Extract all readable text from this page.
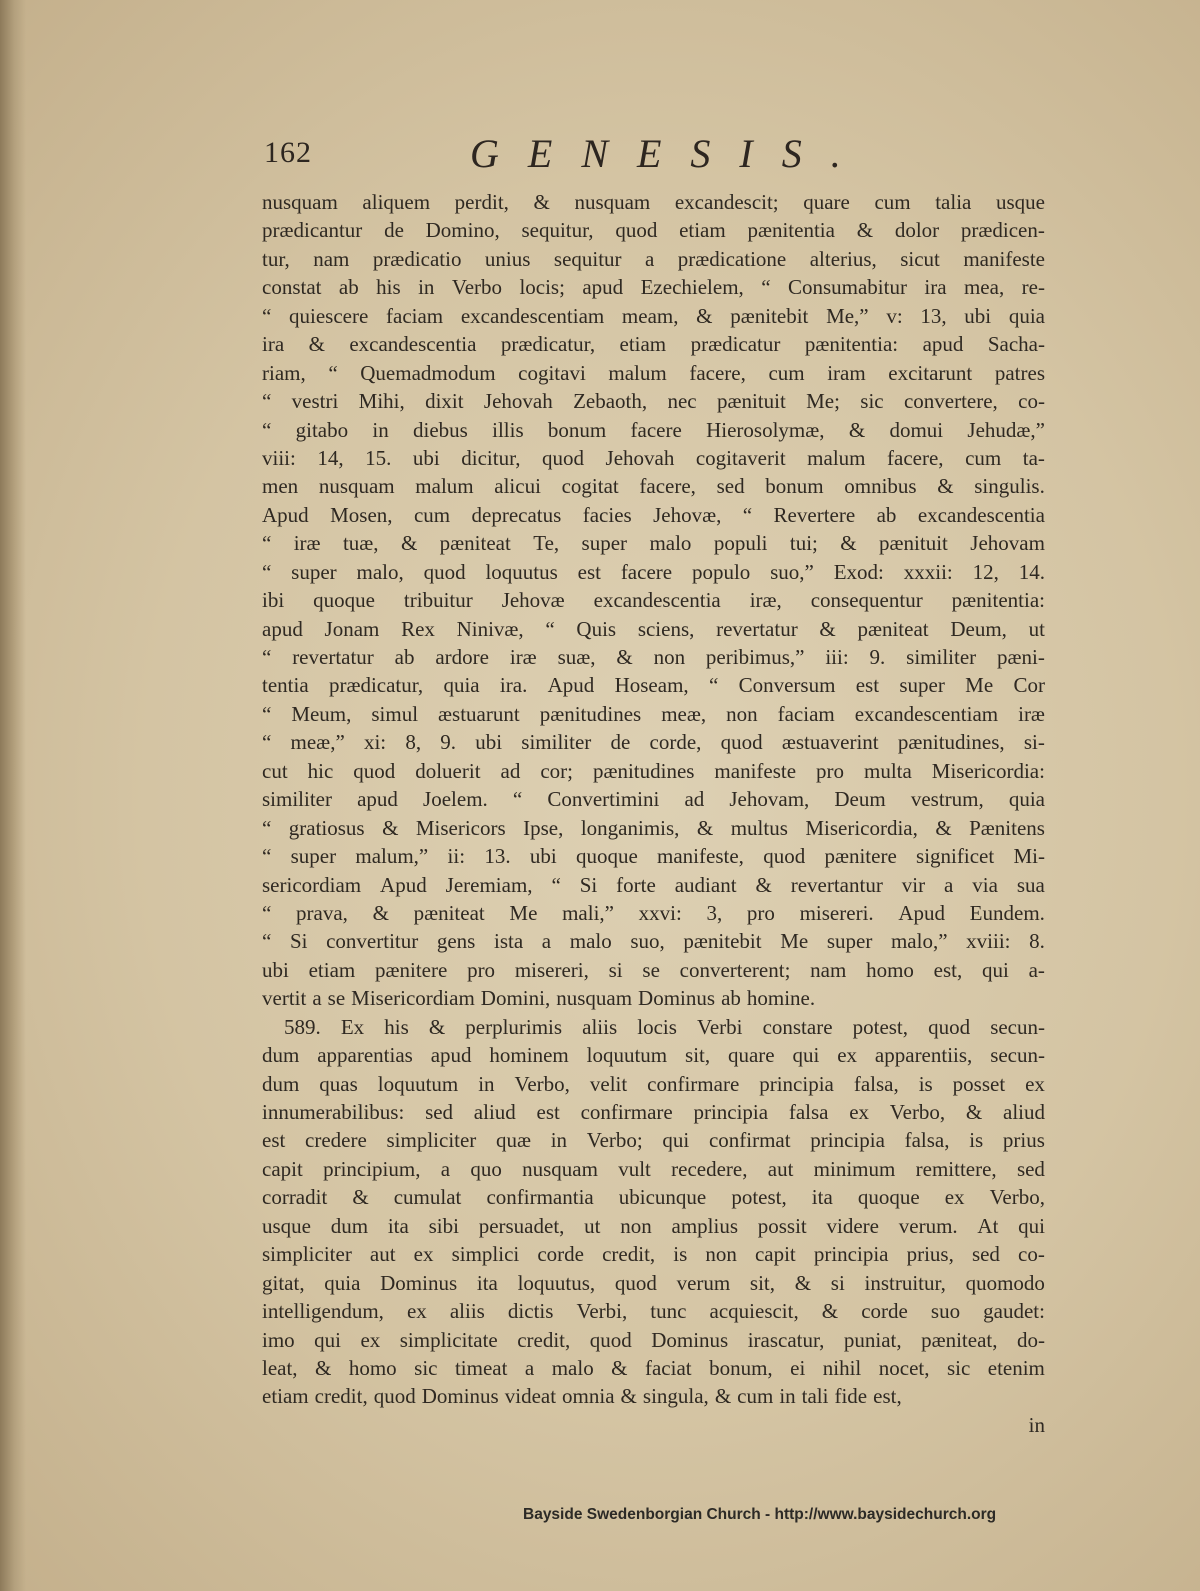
162	GENESIS.
nusquam aliquem perdit, & nusquam excandescit; quare cum talia usque
prædicantur de Domino, sequitur, quod etiam pænitentia & dolor prædicen-
tur, nam prædicatio unius sequitur a prædicatione alterius, sicut manifeste
constat ab his in Verbo locis; apud Ezechielem, “ Consumabitur ira mea, re-
“ quiescere faciam excandescentiam meam, & pænitebit Me,” v: 13, ubi quia
ira & excandescentia prædicatur, etiam prædicatur pænitentia: apud Sacha-
riam, “ Quemadmodum cogitavi malum facere, cum iram excitarunt patres
“ vestri Mihi, dixit Jehovah Zebaoth, nec pænituit Me; sic convertere, co-
“ gitabo in diebus illis bonum facere Hierosolymæ, & domui Jehudæ,”
viii: 14, 15. ubi dicitur, quod Jehovah cogitaverit malum facere, cum ta-
men nusquam malum alicui cogitat facere, sed bonum omnibus & singulis.
Apud Mosen, cum deprecatus facies Jehovæ, “ Revertere ab excandescentia
“ iræ tuæ, & pæniteat Te, super malo populi tui; & pænituit Jehovam
“ super malo, quod loquutus est facere populo suo,” Exod: xxxii: 12, 14.
ibi quoque tribuitur Jehovæ excandescentia iræ, consequentur pænitentia:
apud Jonam Rex Ninivæ, “ Quis sciens, revertatur & pæniteat Deum, ut
“ revertatur ab ardore iræ suæ, & non peribimus,” iii: 9. similiter pæni-
tentia prædicatur, quia ira. Apud Hoseam, “ Conversum est super Me Cor
“ Meum, simul æstuarunt pænitudines meæ, non faciam excandescentiam iræ
“ meæ,” xi: 8, 9. ubi similiter de corde, quod æstuaverint pænitudines, si-
cut hic quod doluerit ad cor; pænitudines manifeste pro multa Misericordia:
similiter apud Joelem. “ Convertimini ad Jehovam, Deum vestrum, quia
“ gratiosus & Misericors Ipse, longanimis, & multus Misericordia, & Pænitens
“ super malum,” ii: 13. ubi quoque manifeste, quod pænitere significet Mi-
sericordiam Apud Jeremiam, “ Si forte audiant & revertantur vir a via sua
“ prava, & pæniteat Me mali,” xxvi: 3, pro misereri. Apud Eundem.
“ Si convertitur gens ista a malo suo, pænitebit Me super malo,” xviii: 8.
ubi etiam pænitere pro misereri, si se converterent; nam homo est, qui a-
vertit a se Misericordiam Domini, nusquam Dominus ab homine.
589. Ex his & perplurimis aliis locis Verbi constare potest, quod secun-
dum apparentias apud hominem loquutum sit, quare qui ex apparentiis, secun-
dum quas loquutum in Verbo, velit confirmare principia falsa, is posset ex
innumerabilibus: sed aliud est confirmare principia falsa ex Verbo, & aliud
est credere simpliciter quæ in Verbo; qui confirmat principia falsa, is prius
capit principium, a quo nusquam vult recedere, aut minimum remittere, sed
corradit & cumulat confirmantia ubicunque potest, ita quoque ex Verbo,
usque dum ita sibi persuadet, ut non amplius possit videre verum. At qui
simpliciter aut ex simplici corde credit, is non capit principia prius, sed co-
gitat, quia Dominus ita loquutus, quod verum sit, & si instruitur, quomodo
intelligendum, ex aliis dictis Verbi, tunc acquiescit, & corde suo gaudet:
imo qui ex simplicitate credit, quod Dominus irascatur, puniat, pæniteat, do-
leat, & homo sic timeat a malo & faciat bonum, ei nihil nocet, sic etenim
etiam credit, quod Dominus videat omnia & singula, & cum in tali fide est,
in
Bayside Swedenborgian Church - http://www.baysidechurch.org
